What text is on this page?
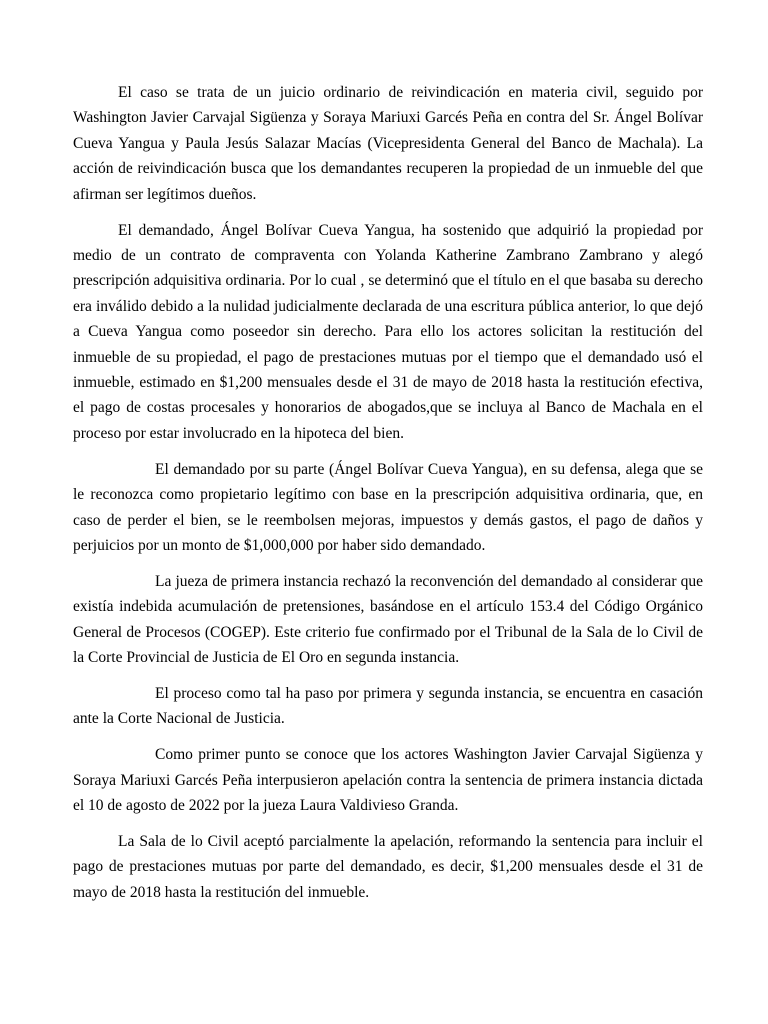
El caso se trata de un juicio ordinario de reivindicación en materia civil, seguido por Washington Javier Carvajal Sigüenza y Soraya Mariuxi Garcés Peña en contra del Sr. Ángel Bolívar Cueva Yangua y Paula Jesús Salazar Macías (Vicepresidenta General del Banco de Machala). La acción de reivindicación busca que los demandantes recuperen la propiedad de un inmueble del que afirman ser legítimos dueños.

El demandado, Ángel Bolívar Cueva Yangua, ha sostenido que adquirió la propiedad por medio de un contrato de compraventa con Yolanda Katherine Zambrano Zambrano y alegó prescripción adquisitiva ordinaria. Por lo cual , se determinó que el título en el que basaba su derecho era inválido debido a la nulidad judicialmente declarada de una escritura pública anterior, lo que dejó a Cueva Yangua como poseedor sin derecho. Para ello los actores solicitan la restitución del inmueble de su propiedad, el pago de prestaciones mutuas por el tiempo que el demandado usó el inmueble, estimado en $1,200 mensuales desde el 31 de mayo de 2018 hasta la restitución efectiva, el pago de costas procesales y honorarios de abogados,que se incluya al Banco de Machala en el proceso por estar involucrado en la hipoteca del bien.

El demandado por su parte (Ángel Bolívar Cueva Yangua), en su defensa, alega que se le reconozca como propietario legítimo con base en la prescripción adquisitiva ordinaria, que, en caso de perder el bien, se le reembolsen mejoras, impuestos y demás gastos, el pago de daños y perjuicios por un monto de $1,000,000 por haber sido demandado.

La jueza de primera instancia rechazó la reconvención del demandado al considerar que existía indebida acumulación de pretensiones, basándose en el artículo 153.4 del Código Orgánico General de Procesos (COGEP). Este criterio fue confirmado por el Tribunal de la Sala de lo Civil de la Corte Provincial de Justicia de El Oro en segunda instancia.

El proceso como tal ha paso por primera y segunda instancia, se encuentra en casación ante la Corte Nacional de Justicia.

Como primer punto se conoce que los actores Washington Javier Carvajal Sigüenza y Soraya Mariuxi Garcés Peña interpusieron apelación contra la sentencia de primera instancia dictada el 10 de agosto de 2022 por la jueza Laura Valdivieso Granda.

La Sala de lo Civil aceptó parcialmente la apelación, reformando la sentencia para incluir el pago de prestaciones mutuas por parte del demandado, es decir, $1,200 mensuales desde el 31 de mayo de 2018 hasta la restitución del inmueble.
